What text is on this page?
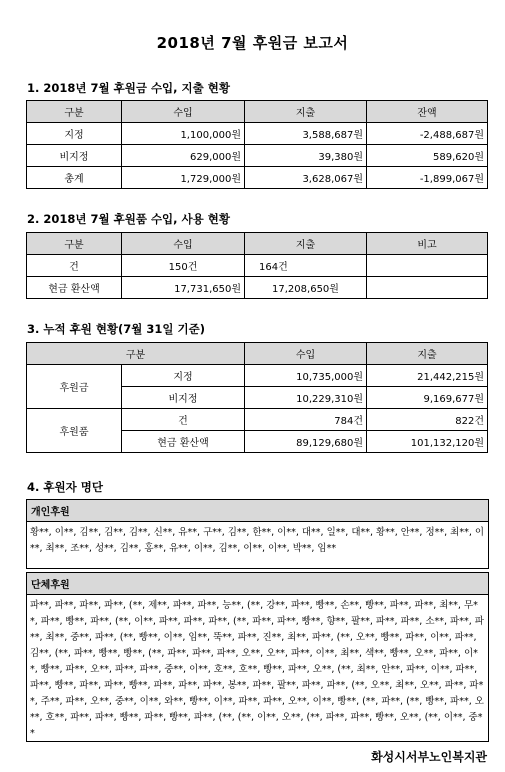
2018년 7월 후원금 보고서
1. 2018년 7월 후원금 수입, 지출 현황
구분	수입	지출	잔액
지정	1,100,000원	3,588,687원	-2,488,687원
비지정	629,000원	39,380원	589,620원
총계	1,729,000원	3,628,067원	-1,899,067원
2. 2018년 7월 후원품 수입, 사용 현황
구분	수입	지출	비고
건	150건	164건	
현금 환산액	17,731,650원	17,208,650원	
3. 누적 후원 현황(7월 31일 기준)
구분		수입	지출
후원금	지정	10,735,000원	21,442,215원
	비지정	10,229,310원	9,169,677원
후원품	건	784건	822건
	현금 환산액	89,129,680원	101,132,120원
4. 후원자 명단
개인후원
황**, 이**, 김**, 김**, 김**, 신**, 유**, 구**, 김**, 한**, 이**, 대**, 일**, 대**, 황**, 안**, 정**, 최**, 이**, 최**, 조**, 성**, 김**, 홍**, 유**, 이**, 김**, 이**, 이**, 박**, 임**
단체후원
파**, 파**, 파**, 파**, (**, 제**, 파**, 파**, 능**, (**, 강**, 파**, 빵**, 손**, 빵**, 파**, 파**, 최**, 무**, 파**, 빵**, 파**, (**, 이**, 파**, 파**, 파**, (**, 파**, 파**, 빵**, 향**, 팔**, 파**, 파**, 소**, 파**, 파**, 최**, 중**, 파**, (**, 빵**, 이**, 임**, 뚝**, 파**, 진**, 최**, 파**, (**, 오**, 빵**, 파**, 이**, 파**, 김**, (**, 파**, 빵**, 빵**, (**, 파**, 파**, 파**, 오**, 오**, 파**, 이**, 최**, 색**, 빵**, 오**, 파**, 이**, 빵**, 파**, 오**, 파**, 파**, 중**, 이**, 호**, 호**, 빵**, 파**, 오**, (**, 최**, 안**, 파**, 이**, 파**, 파**, 빵**, 파**, 파**, 빵**, 파**, 파**, 파**, 봉**, 파**, 팔**, 파**, 파**, (**, 오**, 최**, 오**, 파**, 파**, 주**, 파**, 오**, 중**, 이**, 와**, 빵**, 이**, 파**, 파**, 오**, 이**, 빵**, (**, 파**, (**, 빵**, 파**, 오**, 호**, 파**, 파**, 빵**, 파**, 빵**, 파**, (**, (**, 이**, 오**, (**, 파**, 파**, 빵**, 오**, (**, 이**, 중**
화성시서부노인복지관
